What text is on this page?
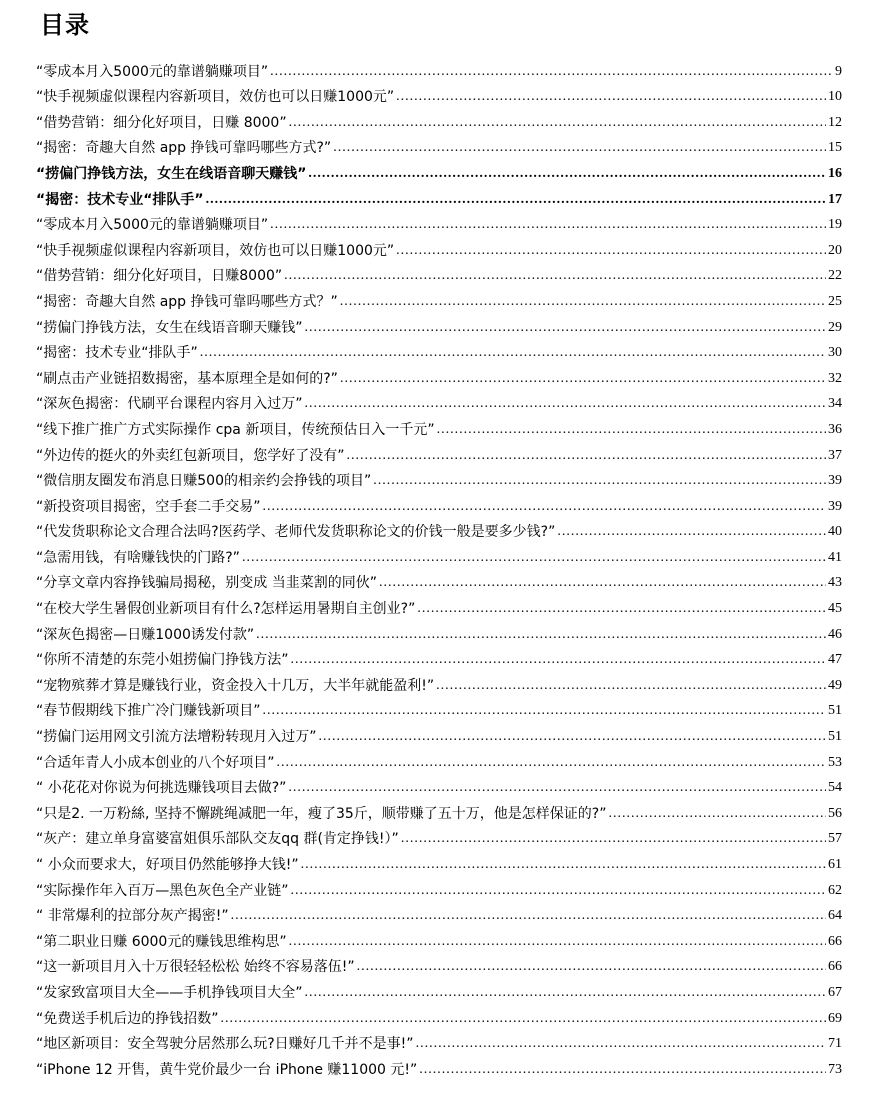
目录
“零成本月入5000元的靠谱躺赚项目” .....	9
“快手视频虚似课程内容新项目，效仿也可以日赚1000元” .....	10
“借势营销：细分化好项目，日赚 8000” .....	12
“揭密：奇趣大自然 app 挣钱可靠吗哪些方式?” .....	15
“捞偏门挣钱方法，女生在线语音聊天赚钱” .....	16
“揭密：技术专业“排队手” .....	17
“零成本月入5000元的靠谱躺赚项目” .....	19
“快手视频虚似课程内容新项目，效仿也可以日赚1000元” .....	20
“借势营销：细分化好项目，日赚8000” .....	22
“揭密：奇趣大自然 app 挣钱可靠吗哪些方式？” .....	25
“捞偏门挣钱方法，女生在线语音聊天赚钱” .....	29
“揭密：技术专业“排队手” .....	30
“刷点击产业链招数揭密，基本原理全是如何的?” .....	32
“深灰色揭密：代刷平台课程内容月入过万” .....	34
“线下推广推广方式实际操作 cpa 新项目，传统预估日入一千元” .....	36
“外边传的挺火的外卖红包新项目，您学好了没有” .....	37
“微信朋友圈发布消息日赚500的相亲约会挣钱的项目” .....	39
“新投资项目揭密，空手套二手交易” .....	39
“代发货职称论文合理合法吗?医药学、老师代发货职称论文的价钱一般是要多少钱?” .....	40
“急需用钱，有啥赚钱快的门路?” .....	41
“分享文章内容挣钱骗局揭秘，别变成 当韭菜割的同伙” .....	43
“在校大学生暑假创业新项目有什么?怎样运用暑期自主创业?” .....	45
“深灰色揭密—日赚1000诱发付款” .....	46
“你所不清楚的东莞小姐捞偏门挣钱方法” .....	47
“宠物殡葬才算是赚钱行业，资金投入十几万，大半年就能盈利!” .....	49
“春节假期线下推广冷门赚钱新项目” .....	51
“捞偏门运用网文引流方法增粉转现月入过万” .....	51
“合适年青人小成本创业的八个好项目” .....	53
“ 小花花对你说为何挑选赚钱项目去做?” .....	54
“只是2. 一万粉絲, 坚持不懈跳绳减肥一年，瘦了35斤，顺带赚了五十万，他是怎样保证的?” .....	56
“灰产：建立单身富婆富姐俱乐部队交友qq 群(肯定挣钱!）” .....	57
“ 小众而要求大，好项目仍然能够挣大钱!” .....	61
“实际操作年入百万—黑色灰色全产业链” .....	62
“ 非常爆利的拉部分灰产揭密!” .....	64
“第二职业日赚 6000元的赚钱思维构思” .....	66
“这一新项目月入十万很轻轻松松 始终不容易落伍!” .....	66
“发家致富项目大全——手机挣钱项目大全” .....	67
“免费送手机后边的挣钱招数” .....	69
“地区新项目：安全驾驶分居然那么玩?日赚好几千并不是事!” .....	71
“iPhone 12 开售，黄牛党价最少一台 iPhone 赚11000 元!” .....	73
